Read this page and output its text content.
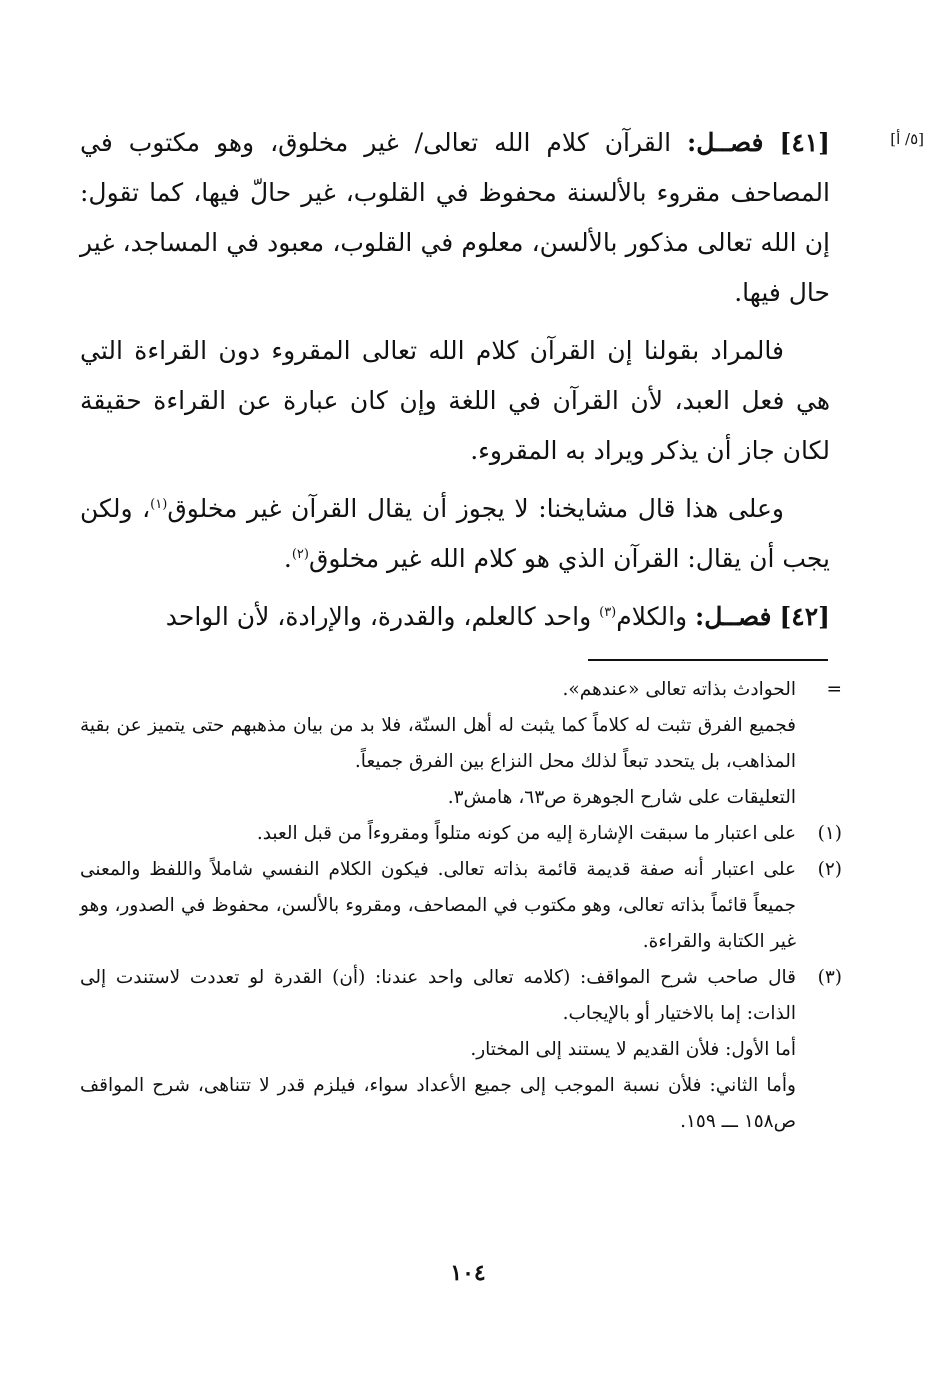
[٥/ أ]

[٤١] فصــل: القرآن كلام الله تعالى/ غير مخلوق، وهو مكتوب في المصاحف مقروء بالألسنة محفوظ في القلوب، غير حالّ فيها، كما تقول: إن الله تعالى مذكور بالألسن، معلوم في القلوب، معبود في المساجد، غير حال فيها.

فالمراد بقولنا إن القرآن كلام الله تعالى المقروء دون القراءة التي هي فعل العبد، لأن القرآن في اللغة وإن كان عبارة عن القراءة حقيقة لكان جاز أن يذكر ويراد به المقروء.

وعلى هذا قال مشايخنا: لا يجوز أن يقال القرآن غير مخلوق$^{(١)}$، ولكن يجب أن يقال: القرآن الذي هو كلام الله غير مخلوق$^{(٢)}$.

[٤٢] فصــل: والكلام$^{(٣)}$ واحد كالعلم، والقدرة، والإرادة، لأن الواحد

=

الحوادث بذاته تعالى «عندهم».

فجميع الفرق تثبت له كلاماً كما يثبت له أهل السنّة، فلا بد من بيان مذهبهم حتى يتميز عن بقية المذاهب، بل يتحدد تبعاً لذلك محل النزاع بين الفرق جميعاً.

التعليقات على شارح الجوهرة ص٦٣، هامش٣.

(١)

على اعتبار ما سبقت الإشارة إليه من كونه متلواً ومقروءاً من قبل العبد.

(٢)

على اعتبار أنه صفة قديمة قائمة بذاته تعالى. فيكون الكلام النفسي شاملاً واللفظ والمعنى جميعاً قائماً بذاته تعالى، وهو مكتوب في المصاحف، ومقروء بالألسن، محفوظ في الصدور، وهو غير الكتابة والقراءة.

(٣)

قال صاحب شرح المواقف: (كلامه تعالى واحد عندنا: (أن) القدرة لو تعددت لاستندت إلى الذات: إما بالاختيار أو بالإيجاب.

أما الأول: فلأن القديم لا يستند إلى المختار.

وأما الثاني: فلأن نسبة الموجب إلى جميع الأعداد سواء، فيلزم قدر لا تتناهى، شرح المواقف ص١٥٨ ـــ ١٥٩.

١٠٤
